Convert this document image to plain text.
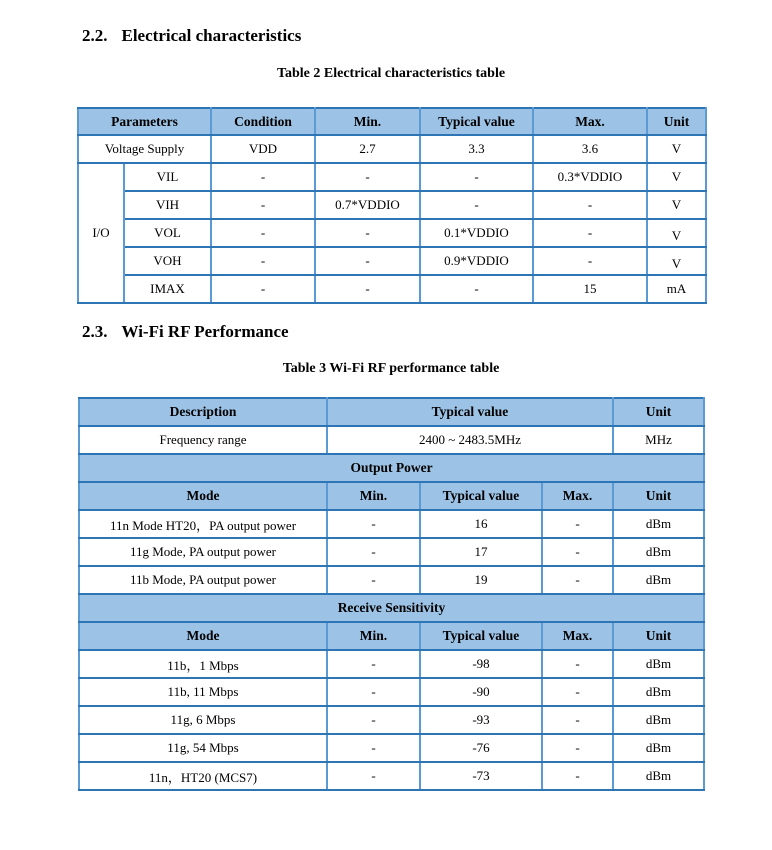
2.2. Electrical characteristics
Table 2 Electrical characteristics table
Parameters		Condition	Min.	Typical value	Max.	Unit
Voltage Supply		VDD	2.7	3.3	3.6	V
I/O	VIL	-	-	-	0.3*VDDIO	V
	VIH	-	0.7*VDDIO	-	-	V
	VOL	-	-	0.1*VDDIO	-	V
	VOH	-	-	0.9*VDDIO	-	V
	IMAX	-	-	-	15	mA
2.3. Wi-Fi RF Performance
Table 3 Wi-Fi RF performance table
Description	Typical value			Unit
Frequency range	2400 ~ 2483.5MHz			MHz
Output Power				
Mode	Min.	Typical value	Max.	Unit
11n Mode HT20，PA output power	-	16	-	dBm
11g Mode, PA output power	-	17	-	dBm
11b Mode, PA output power	-	19	-	dBm
Receive Sensitivity				
Mode	Min.	Typical value	Max.	Unit
11b，1 Mbps	-	-98	-	dBm
11b, 11 Mbps	-	-90	-	dBm
11g, 6 Mbps	-	-93	-	dBm
11g, 54 Mbps	-	-76	-	dBm
11n，HT20 (MCS7)	-	-73	-	dBm
